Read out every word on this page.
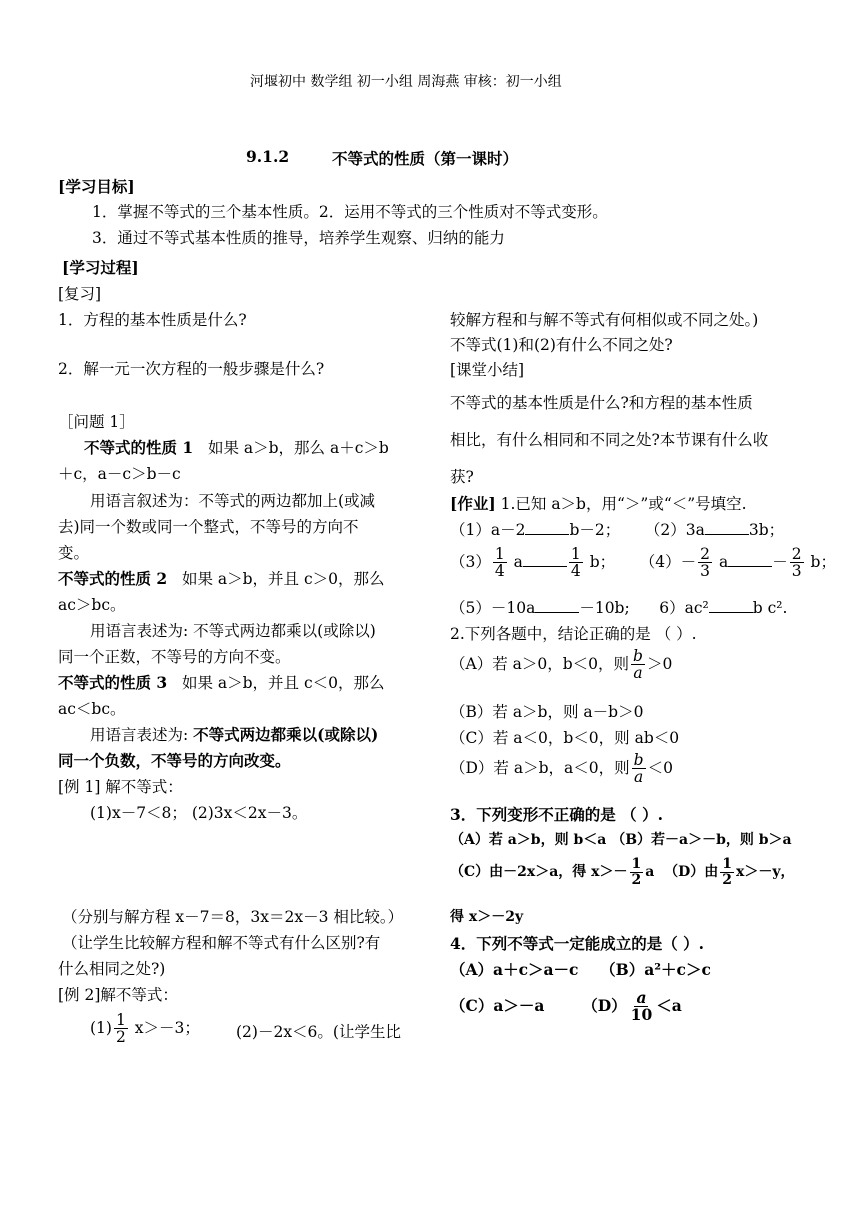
河堰初中 数学组 初一小组 周海燕 审核：初一小组
9.1.2	不等式的性质（第一课时）
[学习目标]
1．掌握不等式的三个基本性质。2．运用不等式的三个性质对不等式变形。
3．通过不等式基本性质的推导，培养学生观察、归纳的能力
[学习过程]
[复习]
1．方程的基本性质是什么?
2．解一元一次方程的一般步骤是什么?
［问题 1］
不等式的性质 1 如果 a＞b，那么 a＋c＞b
＋c，a－c＞b－c
用语言叙述为：不等式的两边都加上(或减
去)同一个数或同一个整式，不等号的方向不
变。
不等式的性质 2 如果 a＞b，并且 c＞0，那么
ac＞bc。
用语言表述为: 不等式两边都乘以(或除以)
同一个正数，不等号的方向不变。
不等式的性质 3 如果 a＞b，并且 c＜0，那么
ac＜bc。
用语言表述为: 不等式两边都乘以(或除以)
同一个负数，不等号的方向改变。
[例 1] 解不等式：
(1)x－7＜8； (2)3x＜2x－3。
（分别与解方程 x－7＝8，3x＝2x－3 相比较。）
（让学生比较解方程和解不等式有什么区别?有
什么相同之处?)
[例 2]解不等式：
$(1) \frac{1}{2} x>-3$； (2)－2x＜6。(让学生比
较解方程和与解不等式有何相似或不同之处。)
不等式(1)和(2)有什么不同之处?
[课堂小结]
不等式的基本性质是什么?和方程的基本性质
相比，有什么相同和不同之处?本节课有什么收
获?
[作业] 1.已知 a＞b，用“＞”或“＜”号填空.
（1）a－2	b－2； （2）3a	3b；
$(3) \frac{1}{4}$ a	$\frac{1}{4}$ b； $(4)- \frac{2}{3}$ a	－ $\frac{2}{3}$ b；
（5）－10a	－10b; 6）ac²	b c².
2.下列各题中，结论正确的是 （ ）.
（A）若 a＞0，b＜0，则 $\frac{b}{a} >0$
（B）若 a＞b，则 a－b＞0
（C）若 a＜0，b＜0，则 ab＜0
（D）若 a＞b，a＜0，则 $\frac{b}{a} <0$
3．下列变形不正确的是 （ ）.
（A）若 a＞b，则 b＜a （B）若－a＞－b，则 b＞a
（C）由－2x＞a，得 $x>- \frac{1}{2}$ a （D）由 $\frac{1}{2} x>-y$，
得 x＞－2y
4．下列不等式一定能成立的是（ ）.
（A）a＋c＞a－c （B）a²＋c＞c
（C）a＞－a $(D) \frac{a}{10} <a$
